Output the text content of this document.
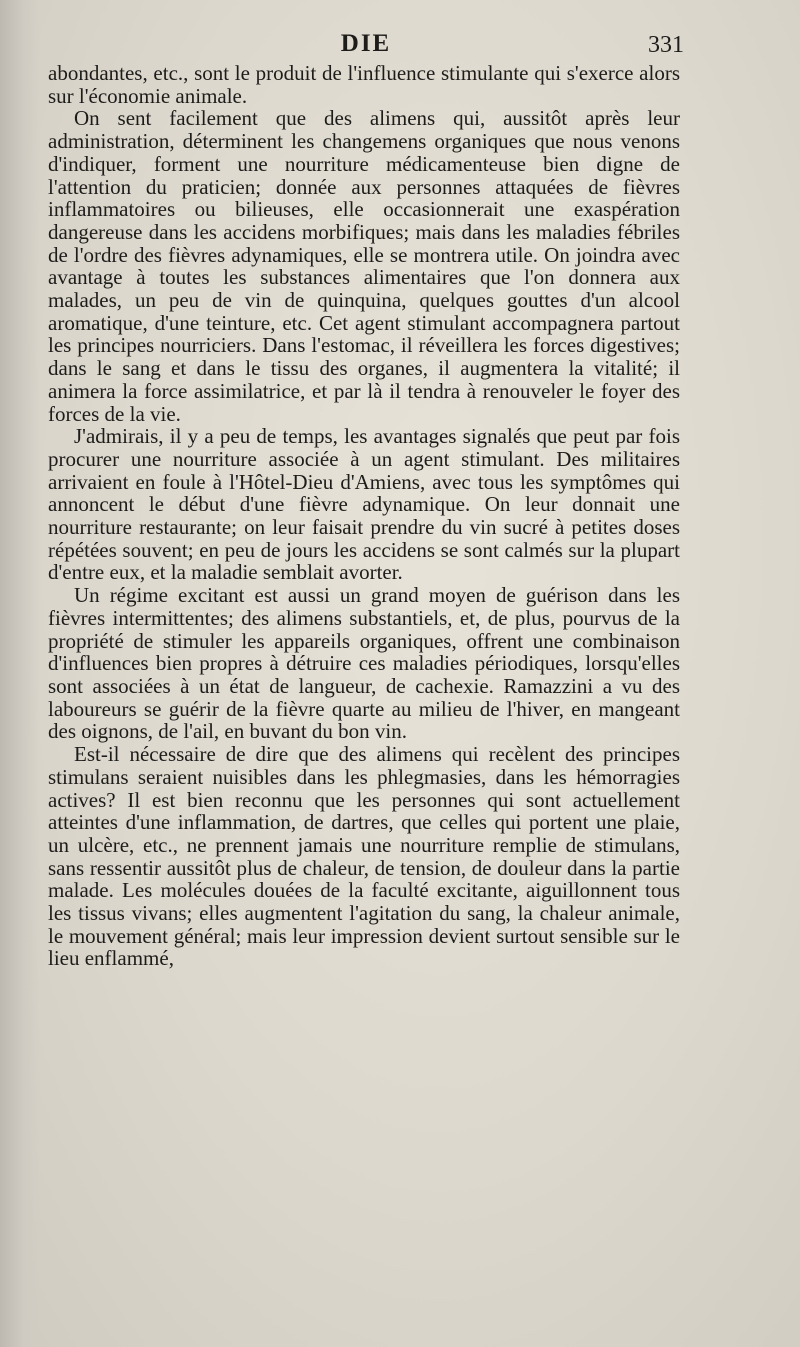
DIE	331

abondantes, etc., sont le produit de l'influence stimulante qui s'exerce alors sur l'économie animale.

On sent facilement que des alimens qui, aussitôt après leur administration, déterminent les changemens organiques que nous venons d'indiquer, forment une nourriture médicamenteuse bien digne de l'attention du praticien; donnée aux personnes attaquées de fièvres inflammatoires ou bilieuses, elle occasionnerait une exaspération dangereuse dans les accidens morbifiques; mais dans les maladies fébriles de l'ordre des fièvres adynamiques, elle se montrera utile. On joindra avec avantage à toutes les substances alimentaires que l'on donnera aux malades, un peu de vin de quinquina, quelques gouttes d'un alcool aromatique, d'une teinture, etc. Cet agent stimulant accompagnera partout les principes nourriciers. Dans l'estomac, il réveillera les forces digestives; dans le sang et dans le tissu des organes, il augmentera la vitalité; il animera la force assimilatrice, et par là il tendra à renouveler le foyer des forces de la vie.

J'admirais, il y a peu de temps, les avantages signalés que peut par fois procurer une nourriture associée à un agent stimulant. Des militaires arrivaient en foule à l'Hôtel-Dieu d'Amiens, avec tous les symptômes qui annoncent le début d'une fièvre adynamique. On leur donnait une nourriture restaurante; on leur faisait prendre du vin sucré à petites doses répétées souvent; en peu de jours les accidens se sont calmés sur la plupart d'entre eux, et la maladie semblait avorter.

Un régime excitant est aussi un grand moyen de guérison dans les fièvres intermittentes; des alimens substantiels, et, de plus, pourvus de la propriété de stimuler les appareils organiques, offrent une combinaison d'influences bien propres à détruire ces maladies périodiques, lorsqu'elles sont associées à un état de langueur, de cachexie. Ramazzini a vu des laboureurs se guérir de la fièvre quarte au milieu de l'hiver, en mangeant des oignons, de l'ail, en buvant du bon vin.

Est-il nécessaire de dire que des alimens qui recèlent des principes stimulans seraient nuisibles dans les phlegmasies, dans les hémorragies actives? Il est bien reconnu que les personnes qui sont actuellement atteintes d'une inflammation, de dartres, que celles qui portent une plaie, un ulcère, etc., ne prennent jamais une nourriture remplie de stimulans, sans ressentir aussitôt plus de chaleur, de tension, de douleur dans la partie malade. Les molécules douées de la faculté excitante, aiguillonnent tous les tissus vivans; elles augmentent l'agitation du sang, la chaleur animale, le mouvement général; mais leur impression devient surtout sensible sur le lieu enflammé,
